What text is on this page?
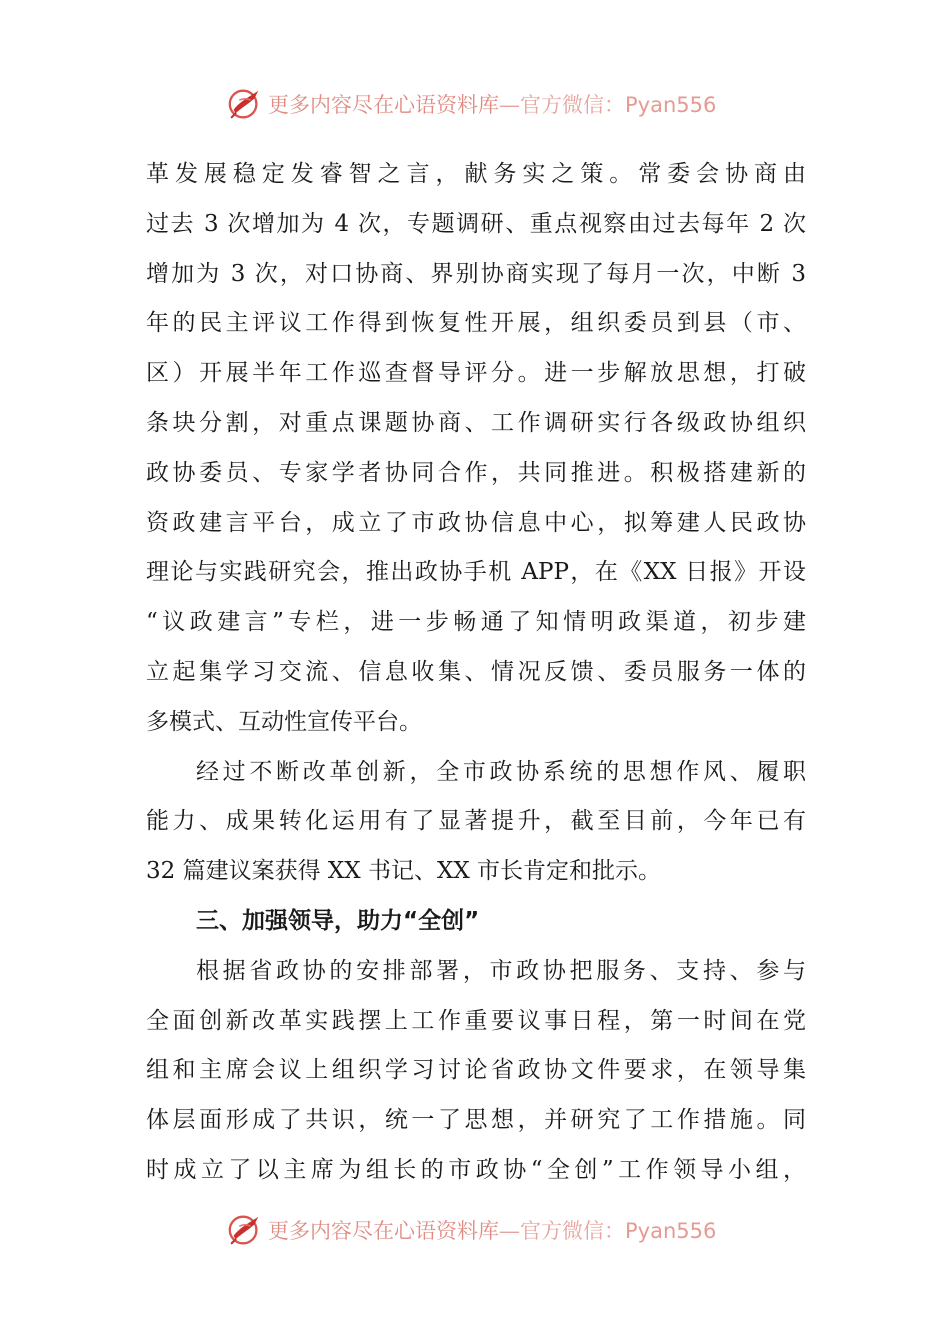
更多内容尽在心语资料库—官方微信：Pyan556
革发展稳定发睿智之言，献务实之策。常委会协商由
过去 3 次增加为 4 次，专题调研、重点视察由过去每年 2 次
增加为 3 次，对口协商、界别协商实现了每月一次，中断 3
年的民主评议工作得到恢复性开展，组织委员到县（市、
区）开展半年工作巡查督导评分。进一步解放思想，打破
条块分割，对重点课题协商、工作调研实行各级政协组织
政协委员、专家学者协同合作，共同推进。积极搭建新的
资政建言平台，成立了市政协信息中心，拟筹建人民政协
理论与实践研究会，推出政协手机 APP，在《XX 日报》开设
“议政建言”专栏，进一步畅通了知情明政渠道，初步建
立起集学习交流、信息收集、情况反馈、委员服务一体的
多模式、互动性宣传平台。
经过不断改革创新，全市政协系统的思想作风、履职
能力、成果转化运用有了显著提升，截至目前，今年已有
32 篇建议案获得 XX 书记、XX 市长肯定和批示。
三、加强领导，助力“全创”
根据省政协的安排部署，市政协把服务、支持、参与
全面创新改革实践摆上工作重要议事日程，第一时间在党
组和主席会议上组织学习讨论省政协文件要求，在领导集
体层面形成了共识，统一了思想，并研究了工作措施。同
时成立了以主席为组长的市政协“全创”工作领导小组，
更多内容尽在心语资料库—官方微信：Pyan556
